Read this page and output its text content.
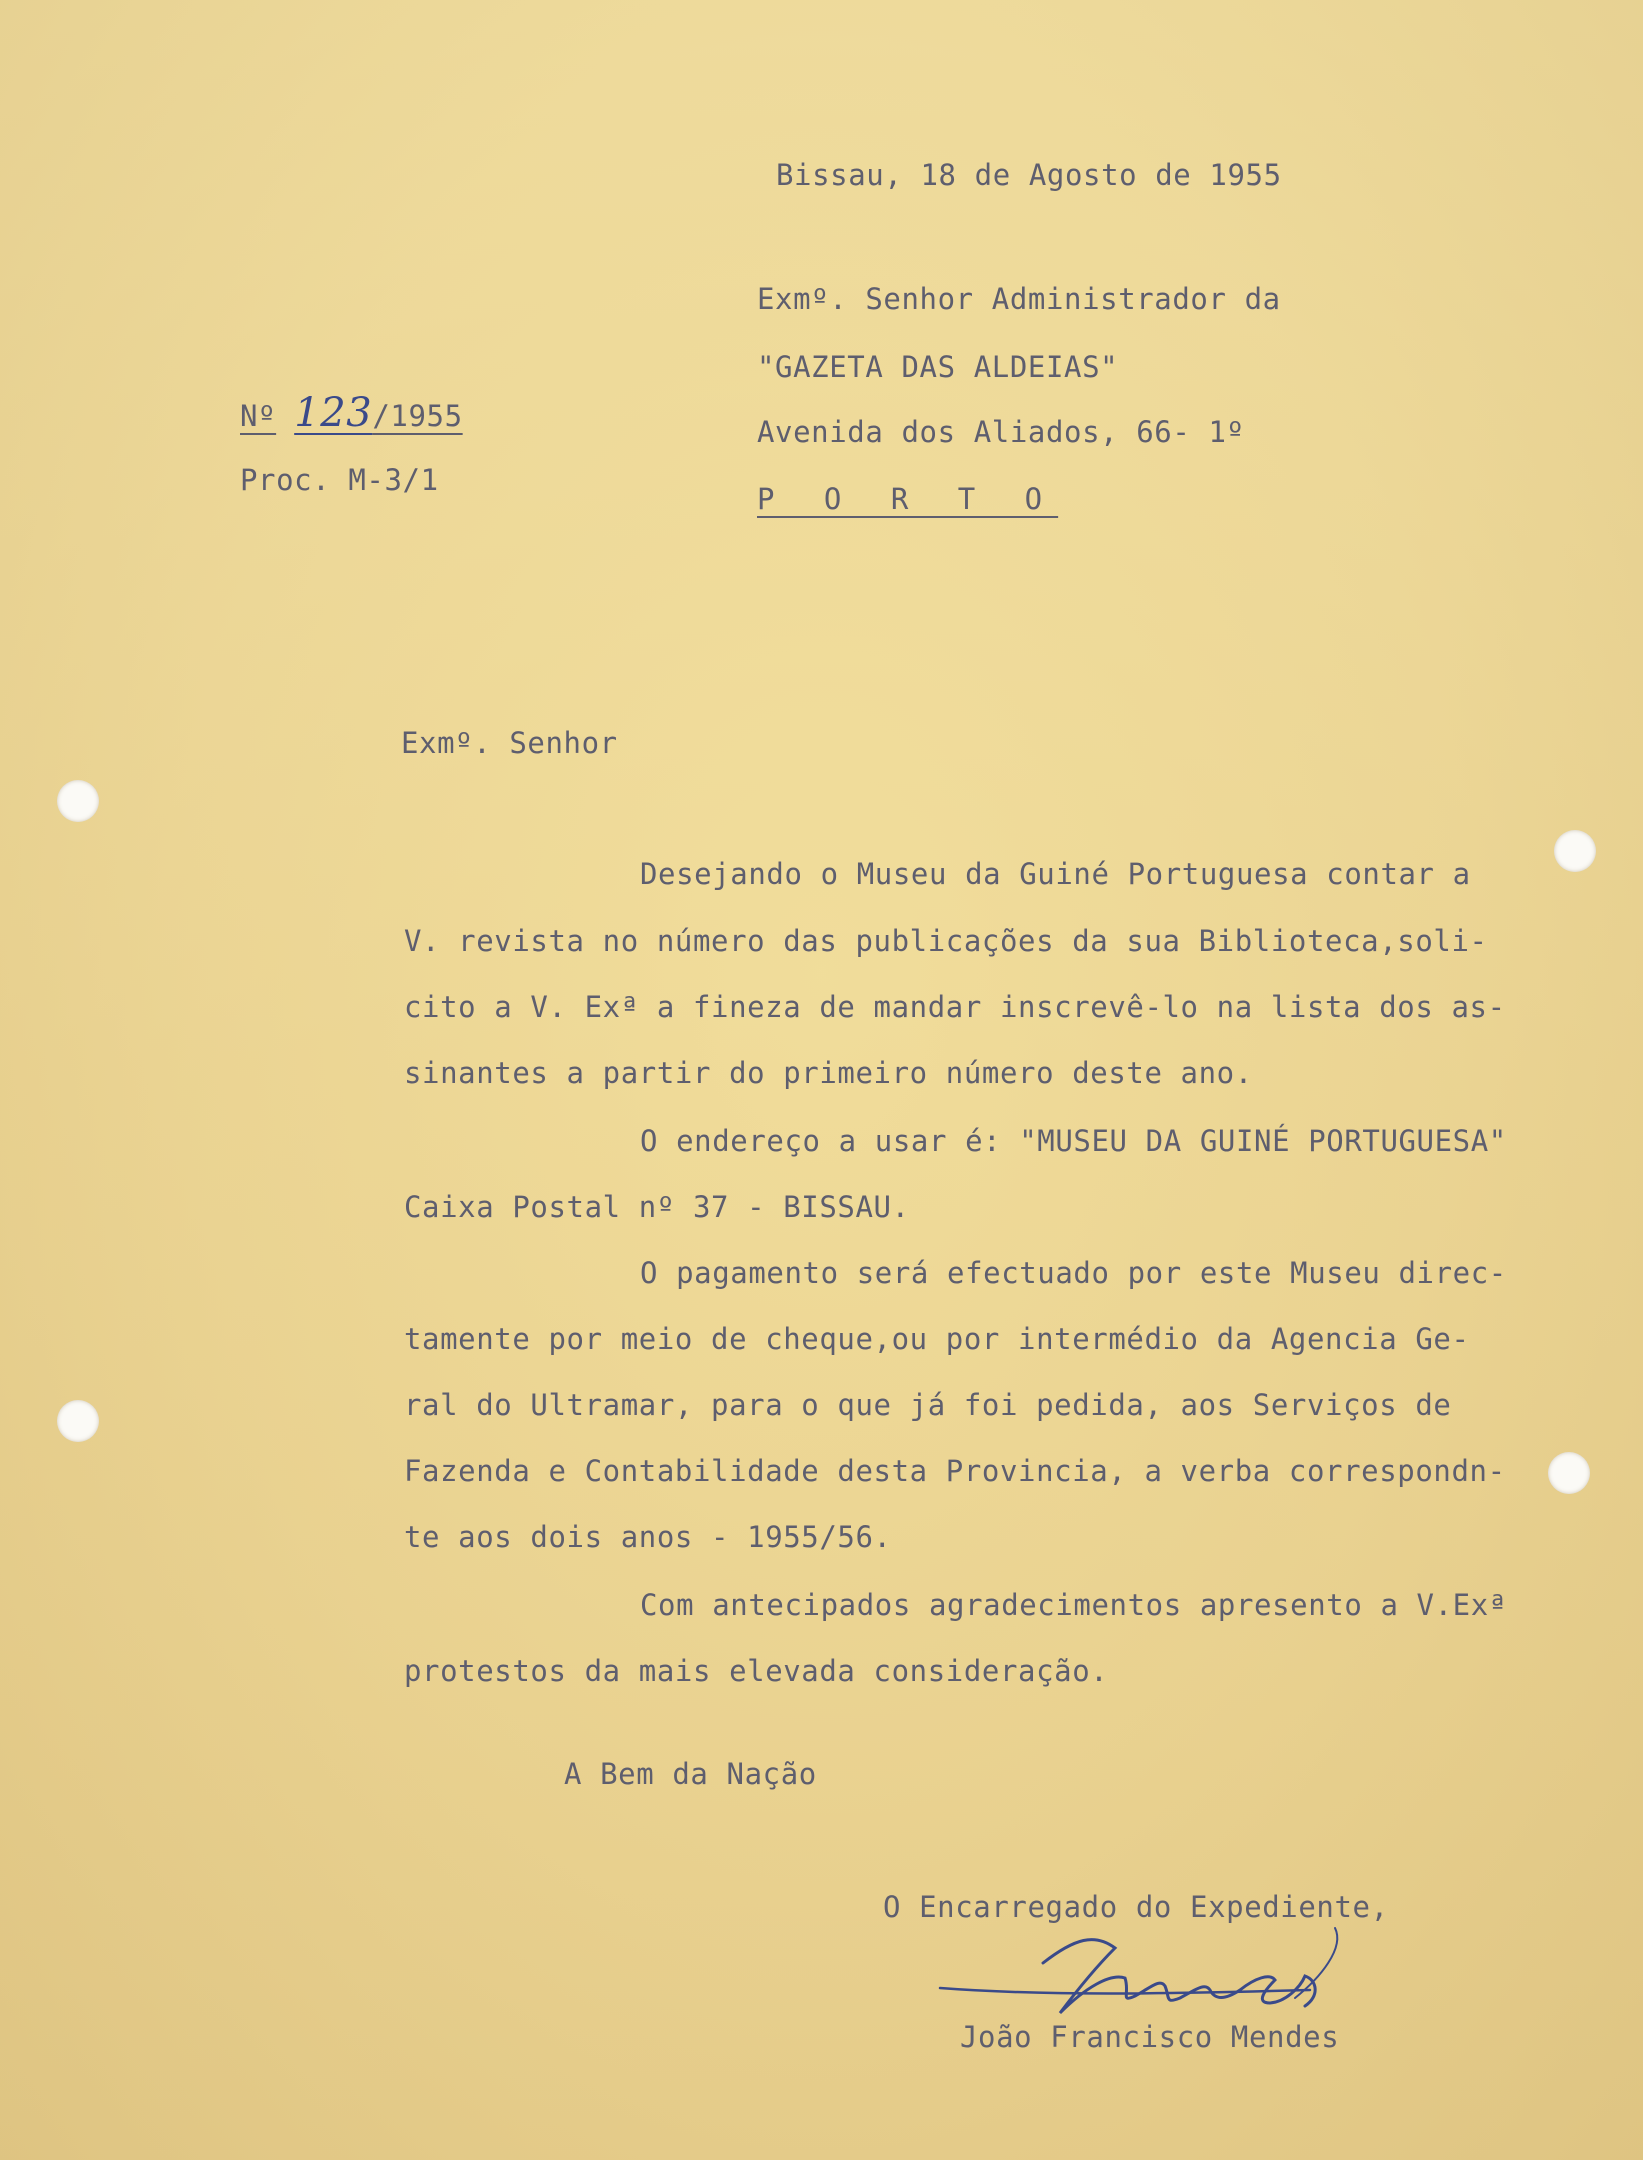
Bissau, 18 de Agosto de 1955
Exmº. Senhor Administrador da
"GAZETA DAS ALDEIAS"
Avenida dos Aliados, 66- 1º
P O R T O
Nº 123/1955
Proc. M-3/1
Exmº. Senhor
Desejando o Museu da Guiné Portuguesa contar a
V. revista no número das publicações da sua Biblioteca,soli-
cito a V. Exª a fineza de mandar inscrevê-lo na lista dos as-
sinantes a partir do primeiro número deste ano.
O endereço a usar é: "MUSEU DA GUINÉ PORTUGUESA"
Caixa Postal nº 37 - BISSAU.
O pagamento será efectuado por este Museu direc-
tamente por meio de cheque,ou por intermédio da Agencia Ge-
ral do Ultramar, para o que já foi pedida, aos Serviços de
Fazenda e Contabilidade desta Provincia, a verba correspondn-
te aos dois anos - 1955/56.
Com antecipados agradecimentos apresento a V.Exª
protestos da mais elevada consideração.
A Bem da Nação
O Encarregado do Expediente,
João Francisco Mendes
